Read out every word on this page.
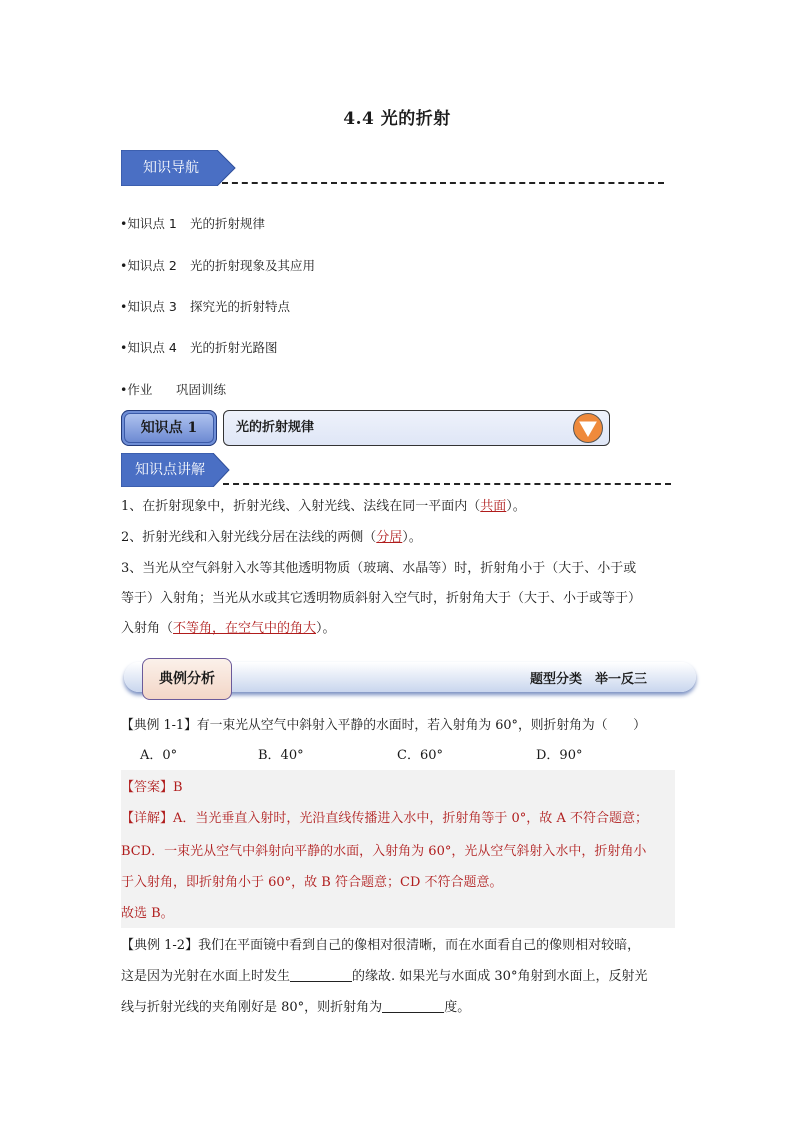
4.4 光的折射
知识导航
•知识点 1 光的折射规律
•知识点 2 光的折射现象及其应用
•知识点 3 探究光的折射特点
•知识点 4 光的折射光路图
•作业 巩固训练
知识点 1	光的折射规律
知识点讲解
1、在折射现象中，折射光线、入射光线、法线在同一平面内（共面）。
2、折射光线和入射光线分居在法线的两侧（分居）。
3、当光从空气斜射入水等其他透明物质（玻璃、水晶等）时，折射角小于（大于、小于或
等于）入射角；当光从水或其它透明物质斜射入空气时，折射角大于（大于、小于或等于）
入射角（不等角，在空气中的角大）。
典例分析	题型分类　举一反三
【典例 1-1】有一束光从空气中斜射入平静的水面时，若入射角为 60°，则折射角为（　　）
A．0°	B．40°	C．60°	D．90°
【答案】B
【详解】A．当光垂直入射时，光沿直线传播进入水中，折射角等于 0°，故 A 不符合题意；
BCD．一束光从空气中斜射向平静的水面，入射角为 60°，光从空气斜射入水中，折射角小
于入射角，即折射角小于 60°，故 B 符合题意；CD 不符合题意。
故选 B。
【典例 1-2】我们在平面镜中看到自己的像相对很清晰，而在水面看自己的像则相对较暗，
这是因为光射在水面上时发生	的缘故. 如果光与水面成 30°角射到水面上，反射光
线与折射光线的夹角刚好是 80°，则折射角为	度。
